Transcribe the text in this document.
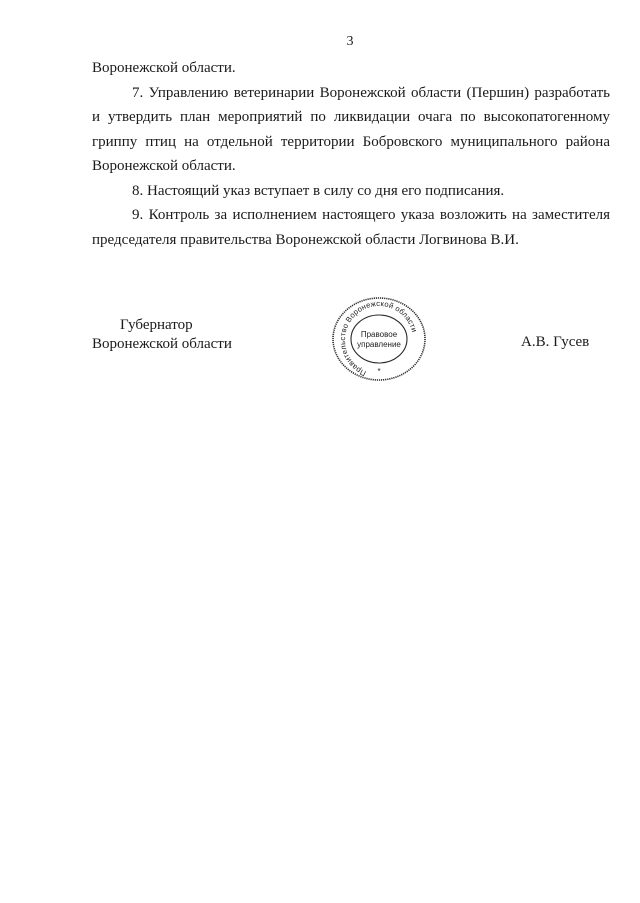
3

Воронежской области.

7. Управлению ветеринарии Воронежской области (Першин) разработать и утвердить план мероприятий по ликвидации очага по высокопатогенному гриппу птиц на отдельной территории Бобровского муниципального района Воронежской области.

8. Настоящий указ вступает в силу со дня его подписания.

9. Контроль за исполнением настоящего указа возложить на заместителя председателя правительства Воронежской области Логвинова В.И.

Губернатор
Воронежской области
Правительство Воронежской области
Правовое
управление
*
А.В. Гусев
